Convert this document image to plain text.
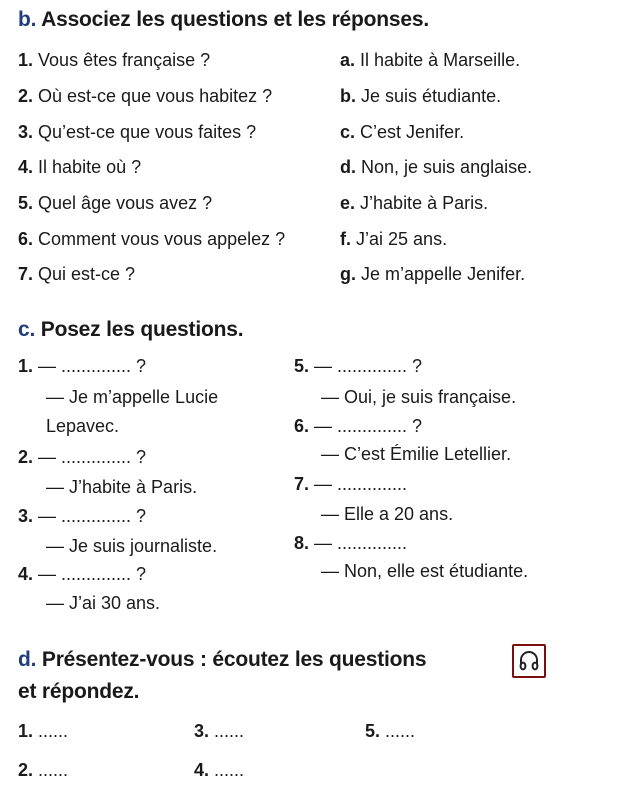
b. Associez les questions et les réponses.
1. Vous êtes française ?
2. Où est-ce que vous habitez ?
3. Qu’est-ce que vous faites ?
4. Il habite où ?
5. Quel âge vous avez ?
6. Comment vous vous appelez ?
7. Qui est-ce ?
a. Il habite à Marseille.
b. Je suis étudiante.
c. C’est Jenifer.
d. Non, je suis anglaise.
e. J’habite à Paris.
f. J’ai 25 ans.
g. Je m’appelle Jenifer.
c. Posez les questions.
1. — .............. ?
— Je m’appelle Lucie
Lepavec.
2. — .............. ?
— J’habite à Paris.
3. — .............. ?
— Je suis journaliste.
4. — .............. ?
— J’ai 30 ans.
5. — .............. ?
— Oui, je suis française.
6. — .............. ?
— C’est Émilie Letellier.
7. — ..............
— Elle a 20 ans.
8. — ..............
— Non, elle est étudiante.
d. Présentez-vous : écoutez les questions
et répondez.
1. ......
2. ......
3. ......
4. ......
5. ......
